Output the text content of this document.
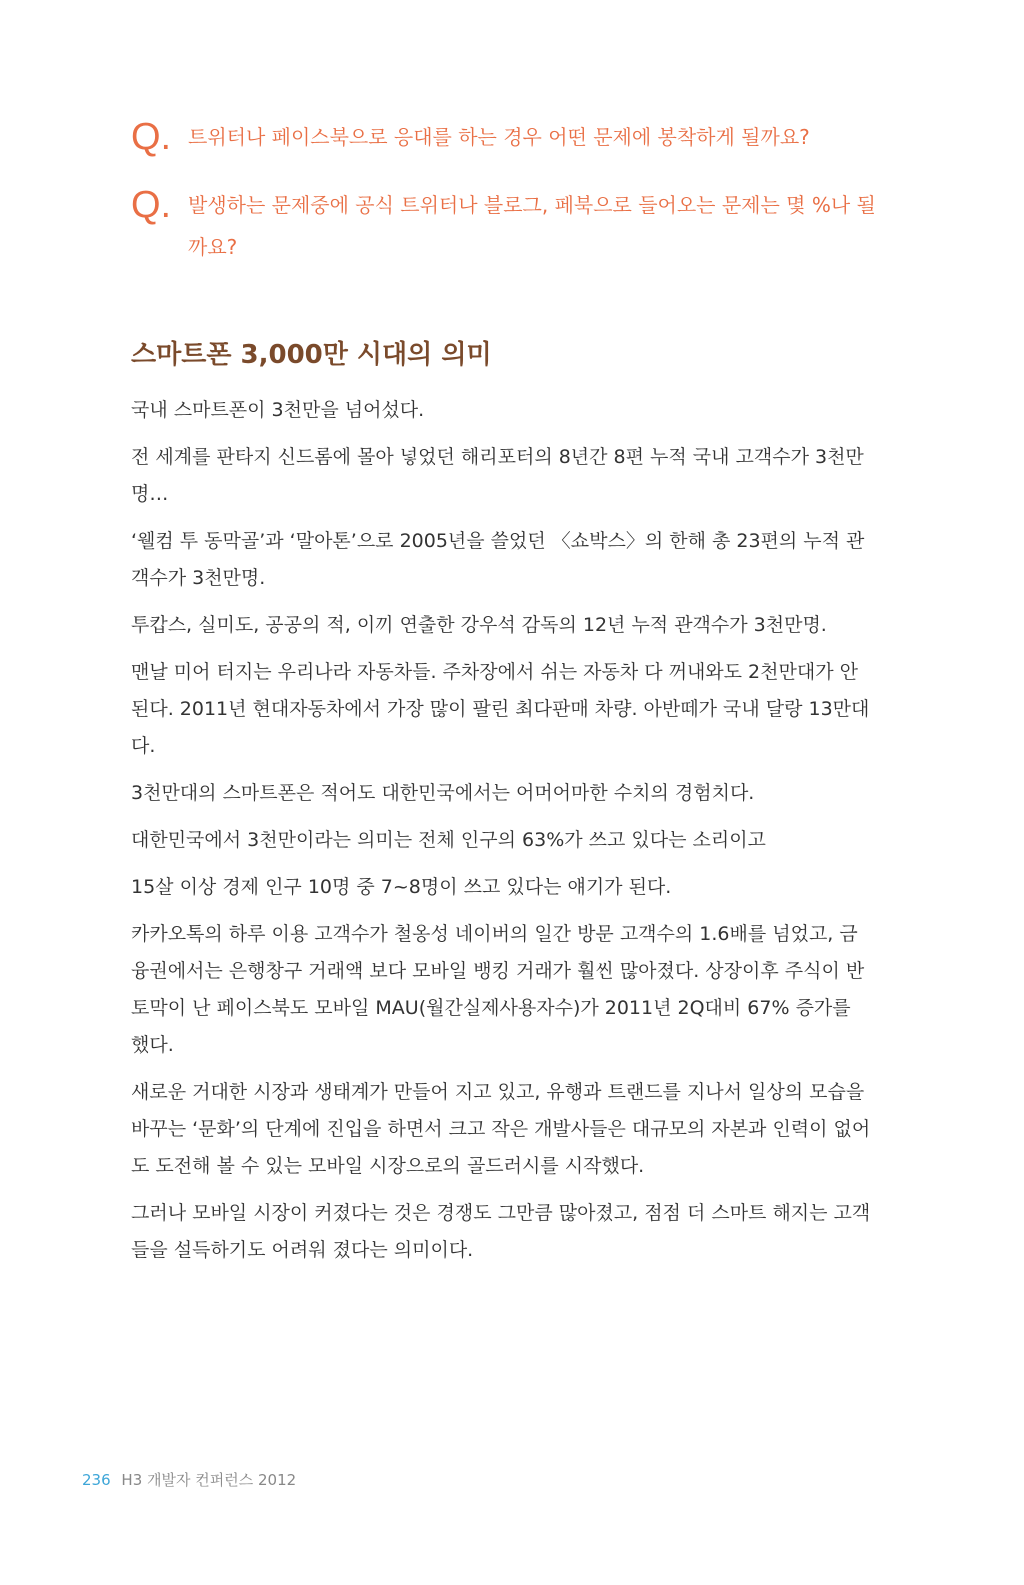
Q. 트위터나 페이스북으로 응대를 하는 경우 어떤 문제에 봉착하게 될까요?
Q. 발생하는 문제중에 공식 트위터나 블로그, 페북으로 들어오는 문제는 몇 %나 될까요?
스마트폰 3,000만 시대의 의미

국내 스마트폰이 3천만을 넘어섰다.

전 세계를 판타지 신드롬에 몰아 넣었던 해리포터의 8년간 8편 누적 국내 고객수가 3천만명…

‘웰컴 투 동막골’과 ‘말아톤’으로 2005년을 쓸었던 〈쇼박스〉의 한해 총 23편의 누적 관객수가 3천만명.

투캅스, 실미도, 공공의 적, 이끼 연출한 강우석 감독의 12년 누적 관객수가 3천만명.

맨날 미어 터지는 우리나라 자동차들. 주차장에서 쉬는 자동차 다 꺼내와도 2천만대가 안된다. 2011년 현대자동차에서 가장 많이 팔린 최다판매 차량. 아반떼가 국내 달랑 13만대다.

3천만대의 스마트폰은 적어도 대한민국에서는 어머어마한 수치의 경험치다.

대한민국에서 3천만이라는 의미는 전체 인구의 63%가 쓰고 있다는 소리이고

15살 이상 경제 인구 10명 중 7~8명이 쓰고 있다는 얘기가 된다.

카카오톡의 하루 이용 고객수가 철옹성 네이버의 일간 방문 고객수의 1.6배를 넘었고, 금융권에서는 은행창구 거래액 보다 모바일 뱅킹 거래가 훨씬 많아졌다. 상장이후 주식이 반토막이 난 페이스북도 모바일 MAU(월간실제사용자수)가 2011년 2Q대비 67% 증가를 했다.

새로운 거대한 시장과 생태계가 만들어 지고 있고, 유행과 트랜드를 지나서 일상의 모습을 바꾸는 ‘문화’의 단계에 진입을 하면서 크고 작은 개발사들은 대규모의 자본과 인력이 없어도 도전해 볼 수 있는 모바일 시장으로의 골드러시를 시작했다.

그러나 모바일 시장이 커졌다는 것은 경쟁도 그만큼 많아졌고, 점점 더 스마트 해지는 고객들을 설득하기도 어려워 졌다는 의미이다.

236 H3 개발자 컨퍼런스 2012
